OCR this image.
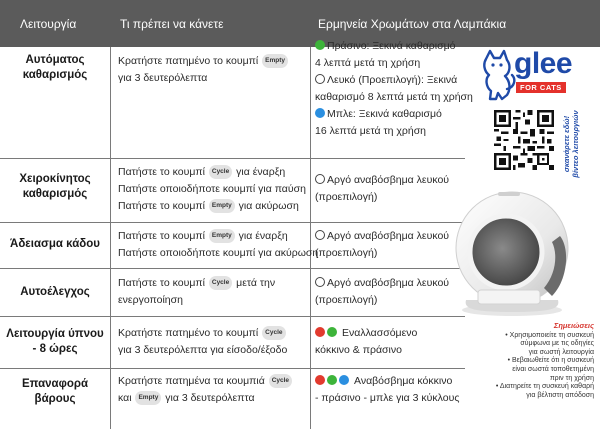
Λειτουργία	Τι πρέπει να κάνετε	Ερμηνεία Χρωμάτων στα Λαμπάκια
Αυτόματος
καθαρισμός
Κρατήστε πατημένο το κουμπί Empty
για 3 δευτερόλεπτα
Πράσινο: Ξεκινά καθαρισμό
4 λεπτά μετά τη χρήση
Λευκό (Προεπιλογή): Ξεκινά
καθαρισμό 8 λεπτά μετά τη χρήση
Μπλε: Ξεκινά καθαρισμό
16 λεπτά μετά τη χρήση
Χειροκίνητος
καθαρισμός
Πατήστε το κουμπί Cycle για έναρξη
Πατήστε οποιοδήποτε κουμπί για παύση
Πατήστε το κουμπί Empty για ακύρωση
Αργό αναβόσβημα λευκού
(προεπιλογή)
Άδειασμα κάδου
Πατήστε το κουμπί Empty για έναρξη
Πατήστε οποιοδήποτε κουμπί για ακύρωση
Αργό αναβόσβημα λευκού
(προεπιλογή)
Αυτοέλεγχος
Πατήστε το κουμπί Cycle μετά την
ενεργοποίηση
Αργό αναβόσβημα λευκού
(προεπιλογή)
Λειτουργία ύπνου
- 8 ώρες
Κρατήστε πατημένο το κουμπί Cycle
για 3 δευτερόλεπτα για είσοδο/έξοδο
Εναλλασσόμενο
κόκκινο & πράσινο
Επαναφορά
βάρους
Κρατήστε πατημένα τα κουμπιά Cycle
και Empty για 3 δευτερόλεπτα
Αναβόσβημα κόκκινο
- πράσινο - μπλε για 3 κύκλους
glee
FOR CATS
σκανάρετε εδώ!
βίντεο λειτουργιών
Σημειώσεις
• Χρησιμοποιείτε τη συσκευή
σύμφωνα με τις οδηγίες
για σωστή λειτουργία
• Βεβαιωθείτε ότι η συσκευή
είναι σωστά τοποθετημένη
πριν τη χρήση
• Διατηρείτε τη συσκευή καθαρή
για βέλτιστη απόδοση
